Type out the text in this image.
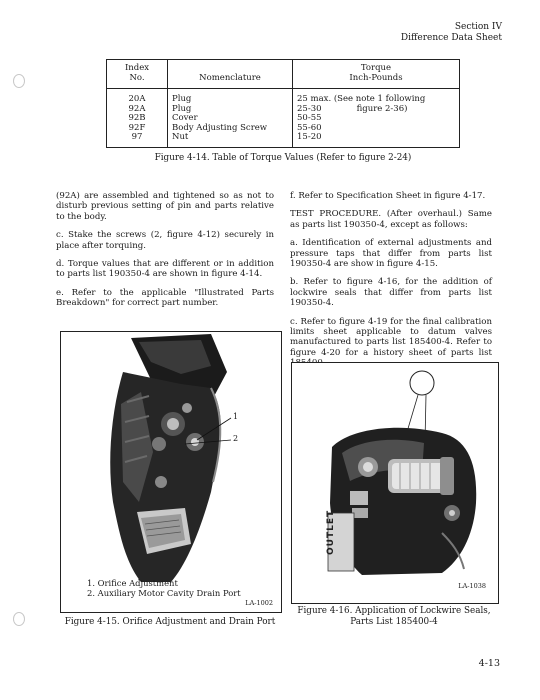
Section IV
Difference Data Sheet
Index
No.	Nomenclature	Torque
Inch-Pounds
20A	Plug	25 max. (See note 1 following
92A	Plug	25-30             figure 2-36)
92B	Cover	50-55
92F	Body Adjusting Screw	55-60
97	Nut	15-20
Figure 4-14. Table of Torque Values (Refer to figure 2-24)

(92A) are assembled and tightened so as not to disturb previous setting of pin and parts relative to the body.

c. Stake the screws (2, figure 4-12) securely in place after torquing.

d. Torque values that are different or in addition to parts list 190350-4 are shown in figure 4-14.

e. Refer to the applicable "Illustrated Parts Breakdown" for correct part number.

f. Refer to Specification Sheet in figure 4-17.

TEST PROCEDURE. (After overhaul.) Same as parts list 190350-4, except as follows:

a. Identification of external adjustments and pressure taps that differ from parts list 190350-4 are show in figure 4-15.

b. Refer to figure 4-16, for the addition of lockwire seals that differ from parts list 190350-4.

c. Refer to figure 4-19 for the final calibration limits sheet applicable to datum valves manufactured to parts list 185400-4. Refer to figure 4-20 for a history sheet of parts list

1
2
1. Orifice Adjustment
2. Auxiliary Motor Cavity Drain Port
LA-1002
Figure 4-15. Orifice Adjustment and Drain Port
OUTLET
LA-1038
Figure 4-16. Application of Lockwire Seals,
Parts List 185400-4
4-13
